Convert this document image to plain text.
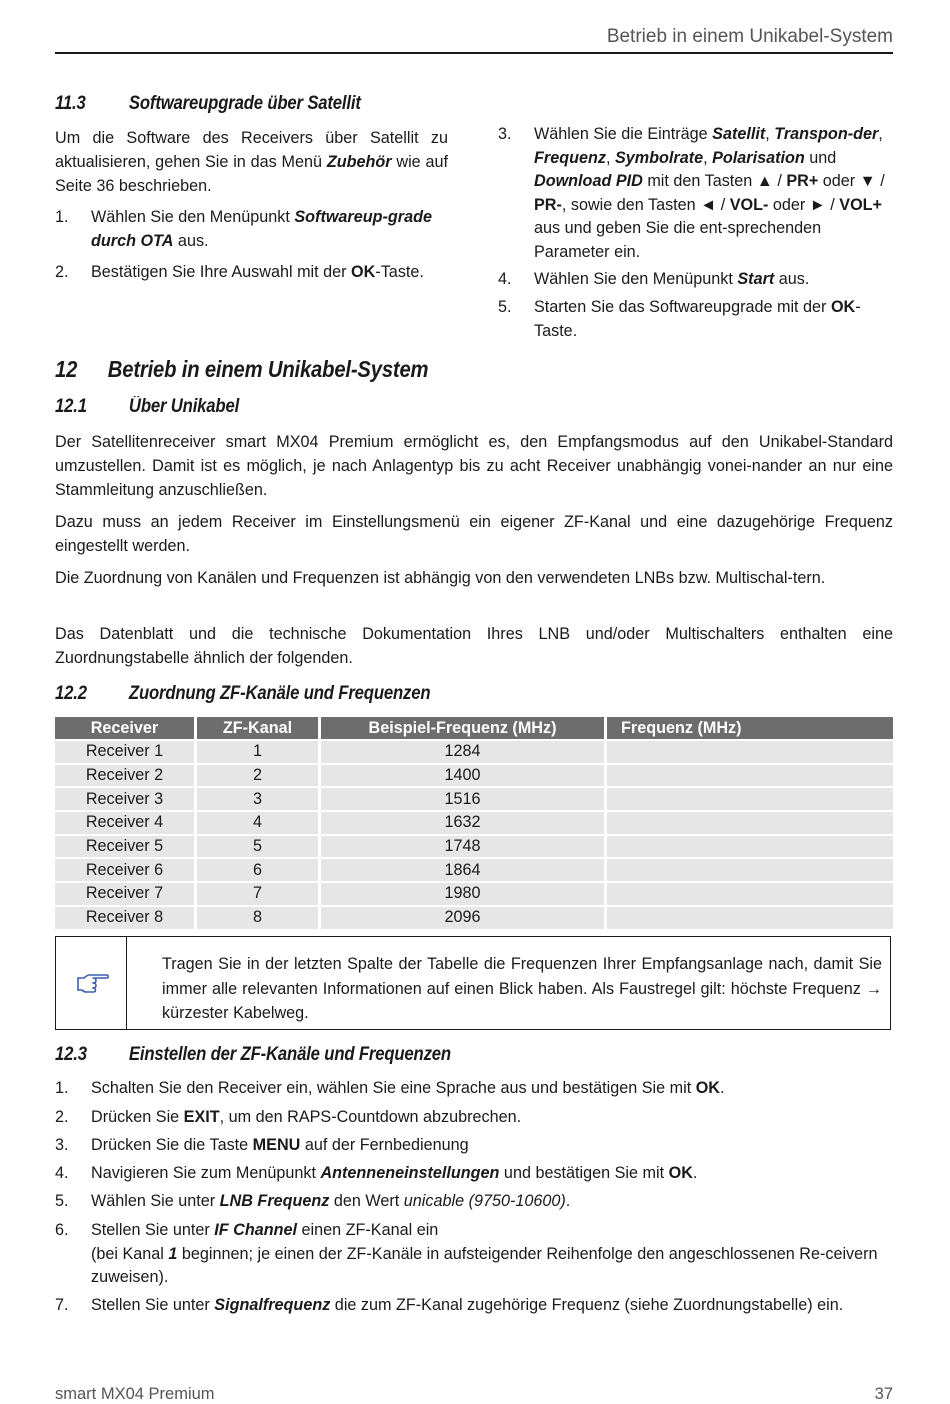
Betrieb in einem Unikabel-System
11.3 Softwareupgrade über Satellit

Um die Software des Receivers über Satellit zu aktualisieren, gehen Sie in das Menü Zubehör wie auf Seite 36 beschrieben.

1. Wählen Sie den Menüpunkt Softwareup-grade durch OTA aus.
2. Bestätigen Sie Ihre Auswahl mit der OK-Taste.
3. Wählen Sie die Einträge Satellit, Transpon-der, Frequenz, Symbolrate, Polarisation und Download PID mit den Tasten ▲ / PR+ oder ▼ / PR-, sowie den Tasten ◄ / VOL- oder ► / VOL+ aus und geben Sie die ent-sprechenden Parameter ein.
4. Wählen Sie den Menüpunkt Start aus.
5. Starten Sie das Softwareupgrade mit der OK-Taste.
12 Betrieb in einem Unikabel-System
12.1 Über Unikabel

Der Satellitenreceiver smart MX04 Premium ermöglicht es, den Empfangsmodus auf den Unikabel-Standard umzustellen. Damit ist es möglich, je nach Anlagentyp bis zu acht Receiver unabhängig vonei-nander an nur eine Stammleitung anzuschließen.

Dazu muss an jedem Receiver im Einstellungsmenü ein eigener ZF-Kanal und eine dazugehörige Frequenz eingestellt werden.

Die Zuordnung von Kanälen und Frequenzen ist abhängig von den verwendeten LNBs bzw. Multischal-tern.

Das Datenblatt und die technische Dokumentation Ihres LNB und/oder Multischalters enthalten eine Zuordnungstabelle ähnlich der folgenden.

12.2 Zuordnung ZF-Kanäle und Frequenzen
Receiver	ZF-Kanal	Beispiel-Frequenz (MHz)	Frequenz (MHz)
Receiver 1	1	1284	
Receiver 2	2	1400	
Receiver 3	3	1516	
Receiver 4	4	1632	
Receiver 5	5	1748	
Receiver 6	6	1864	
Receiver 7	7	1980	
Receiver 8	8	2096	
Tragen Sie in der letzten Spalte der Tabelle die Frequenzen Ihrer Empfangsanlage nach, damit Sie immer alle relevanten Informationen auf einen Blick haben. Als Faustregel gilt: höchste Frequenz → kürzester Kabelweg.
12.3 Einstellen der ZF-Kanäle und Frequenzen
1. Schalten Sie den Receiver ein, wählen Sie eine Sprache aus und bestätigen Sie mit OK.
2. Drücken Sie EXIT, um den RAPS-Countdown abzubrechen.
3. Drücken Sie die Taste MENU auf der Fernbedienung
4. Navigieren Sie zum Menüpunkt Antenneneinstellungen und bestätigen Sie mit OK.
5. Wählen Sie unter LNB Frequenz den Wert unicable (9750-10600).
6. Stellen Sie unter IF Channel einen ZF-Kanal ein
(bei Kanal 1 beginnen; je einen der ZF-Kanäle in aufsteigender Reihenfolge den angeschlossenen Re-ceivern zuweisen).
7. Stellen Sie unter Signalfrequenz die zum ZF-Kanal zugehörige Frequenz (siehe Zuordnungstabelle) ein.
smart MX04 Premium	37
